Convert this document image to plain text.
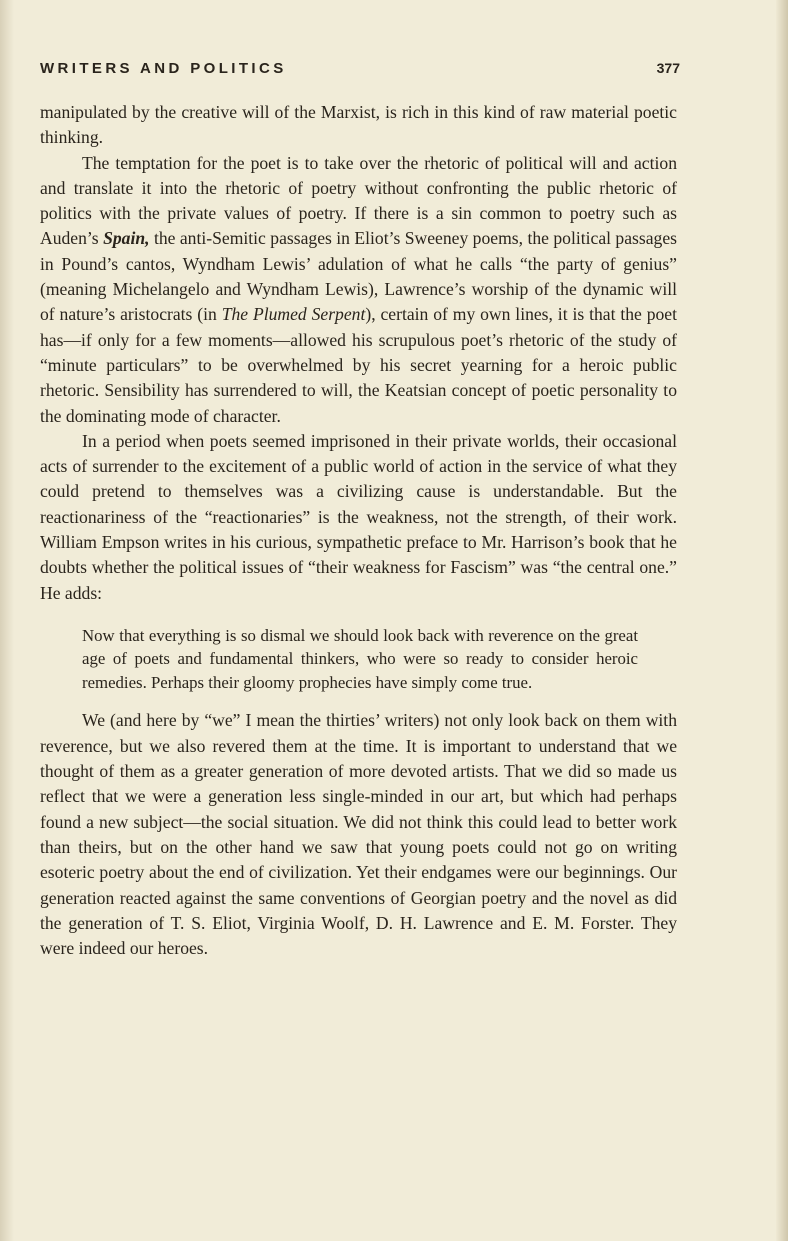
WRITERS AND POLITICS	377

manipulated by the creative will of the Marxist, is rich in this kind of raw material poetic thinking.

The temptation for the poet is to take over the rhetoric of political will and action and translate it into the rhetoric of poetry without confronting the public rhetoric of politics with the private values of poetry. If there is a sin common to poetry such as Auden’s Spain, the anti-Semitic passages in Eliot’s Sweeney poems, the political passages in Pound’s cantos, Wyndham Lewis’ adulation of what he calls “the party of genius” (meaning Michelangelo and Wyndham Lewis), Lawrence’s worship of the dynamic will of nature’s aristocrats (in The Plumed Serpent), certain of my own lines, it is that the poet has—if only for a few moments—allowed his scrupulous poet’s rhetoric of the study of “minute particulars” to be overwhelmed by his secret yearning for a heroic public rhetoric. Sensibility has surrendered to will, the Keatsian concept of poetic personality to the dominating mode of character.

In a period when poets seemed imprisoned in their private worlds, their occasional acts of surrender to the excitement of a public world of action in the service of what they could pretend to themselves was a civilizing cause is understandable. But the reactionariness of the “reactionaries” is the weakness, not the strength, of their work. William Empson writes in his curious, sympathetic preface to Mr. Harrison’s book that he doubts whether the political issues of “their weakness for Fascism” was “the central one.” He adds:

Now that everything is so dismal we should look back with reverence on the great age of poets and fundamental thinkers, who were so ready to consider heroic remedies. Perhaps their gloomy prophecies have simply come true.

We (and here by “we” I mean the thirties’ writers) not only look back on them with reverence, but we also revered them at the time. It is important to understand that we thought of them as a greater generation of more devoted artists. That we did so made us reflect that we were a generation less single-minded in our art, but which had perhaps found a new subject—the social situation. We did not think this could lead to better work than theirs, but on the other hand we saw that young poets could not go on writing esoteric poetry about the end of civilization. Yet their endgames were our beginnings. Our generation reacted against the same conventions of Georgian poetry and the novel as did the generation of T. S. Eliot, Virginia Woolf, D. H. Lawrence and E. M. Forster. They were indeed our heroes.
